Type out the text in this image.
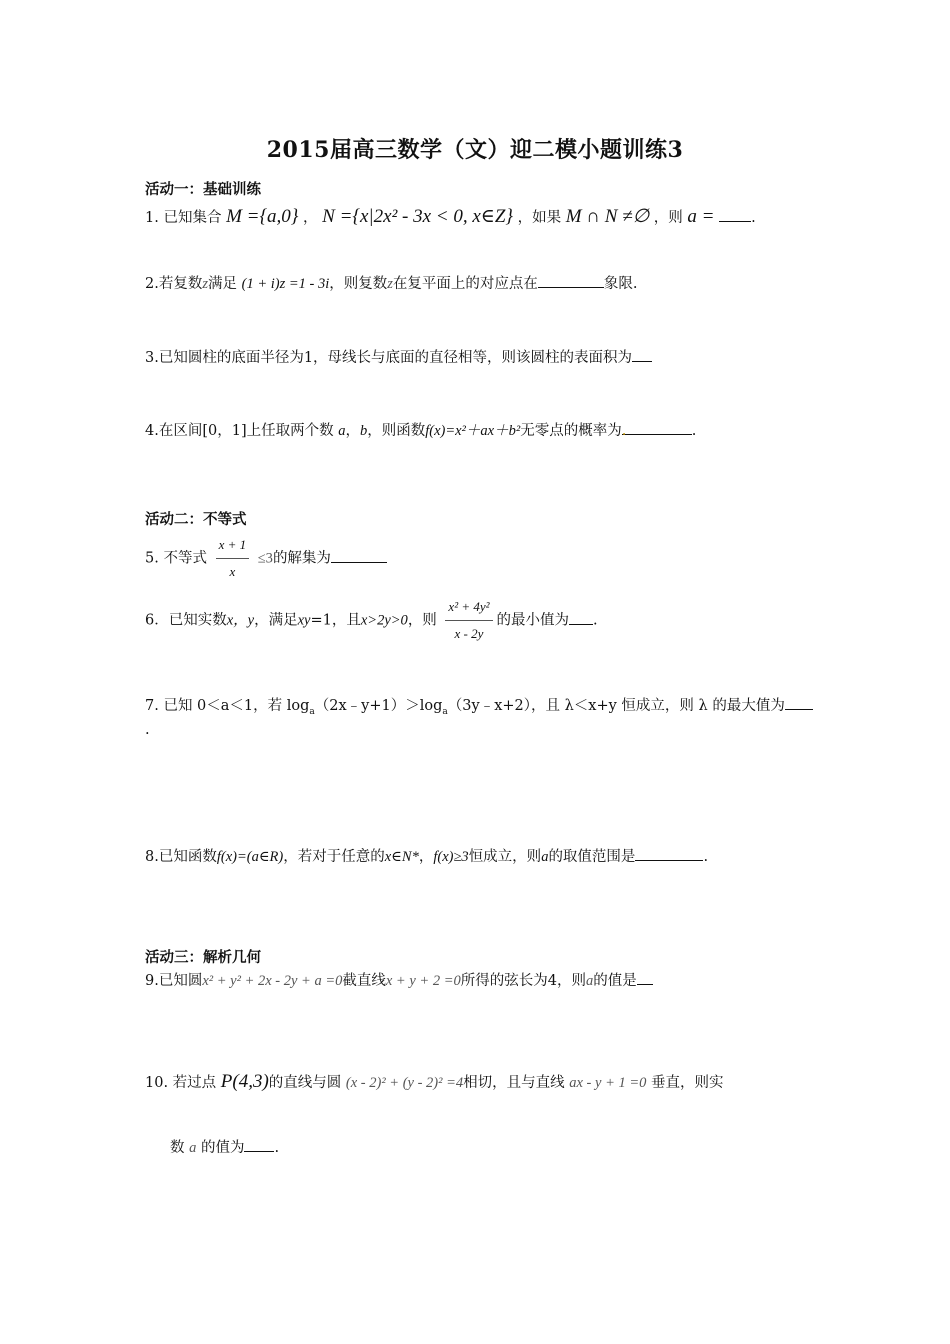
2015届高三数学（文）迎二模小题训练3
活动一：基础训练
1. 已知集合 M ={a,0} ， N ={x|2x² - 3x < 0, x∈Z} ，如果 M ∩ N ≠∅ ，则 a =	.
2.若复数z满足 (1 + i)z =1 - 3i，则复数z在复平面上的对应点在	象限.
3.已知圆柱的底面半径为1，母线长与底面的直径相等，则该圆柱的表面积为
4.在区间[0，1]上任取两个数 a，b，则函数f(x)=x²＋ax＋b²无零点的概率为.	.
活动二：不等式
5. 不等式 $\frac{x + 1}{x} \le 3$的解集为
6．已知实数x，y，满足xy=1，且x>2y>0，则 $\frac{\text{x² + 4y²}}{x - 2y}$ 的最小值为 .
7. 已知 0＜a＜1，若 $\log_a(2x﹣y+1)>\log_a(3y﹣x+2)$，且 λ＜x+y 恒成立，则 λ 的最大值为
.
8.已知函数f(x)=(a∈R)，若对于任意的x∈N*，f(x)≥3恒成立，则a的取值范围是	.
活动三：解析几何
9.已知圆x² + y² + 2x - 2y + a =0截直线x + y + 2 =0所得的弦长为4，则a的值是
10. 若过点 P(4,3)的直线与圆 (x - 2)² + (y - 2)² =4相切，且与直线 ax - y + 1 =0 垂直，则实
数 a 的值为 .
